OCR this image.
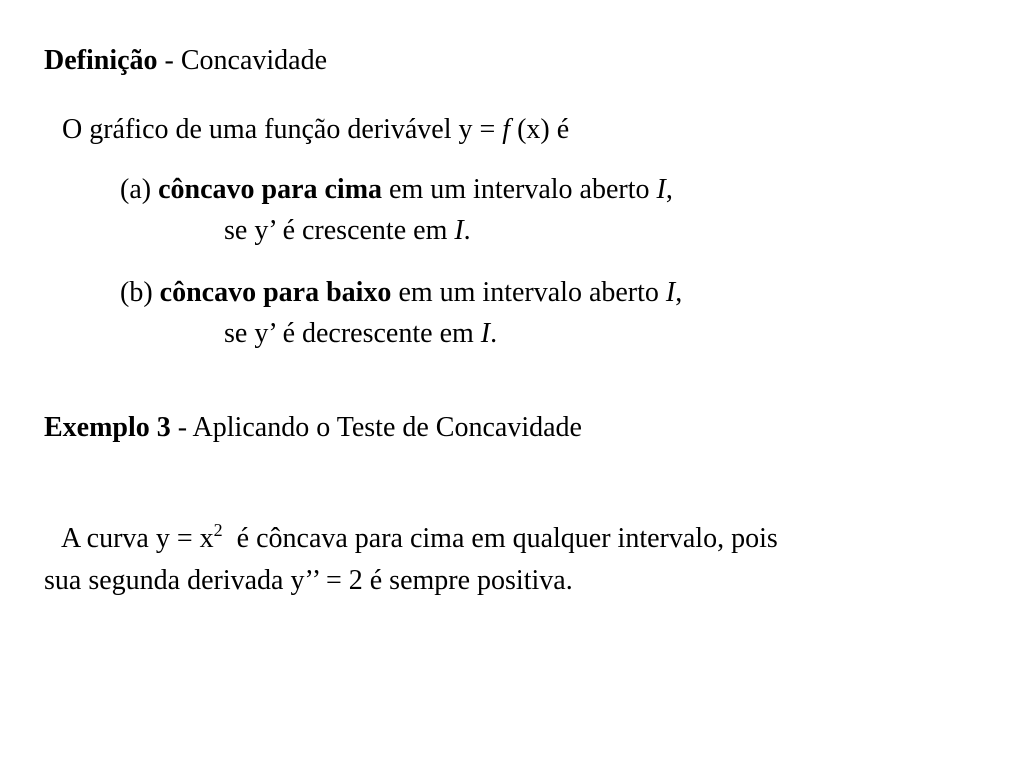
Definição - Concavidade
O gráfico de uma função derivável y = f (x) é
(a) côncavo para cima em um intervalo aberto I,
se y’ é crescente em I.
(b) côncavo para baixo em um intervalo aberto I,
se y’ é decrescente em I.
Exemplo 3 - Aplicando o Teste de Concavidade
A curva $y = x^2$  é côncava para cima em qualquer intervalo, pois
sua segunda derivada y’’ = 2 é sempre positiva.
